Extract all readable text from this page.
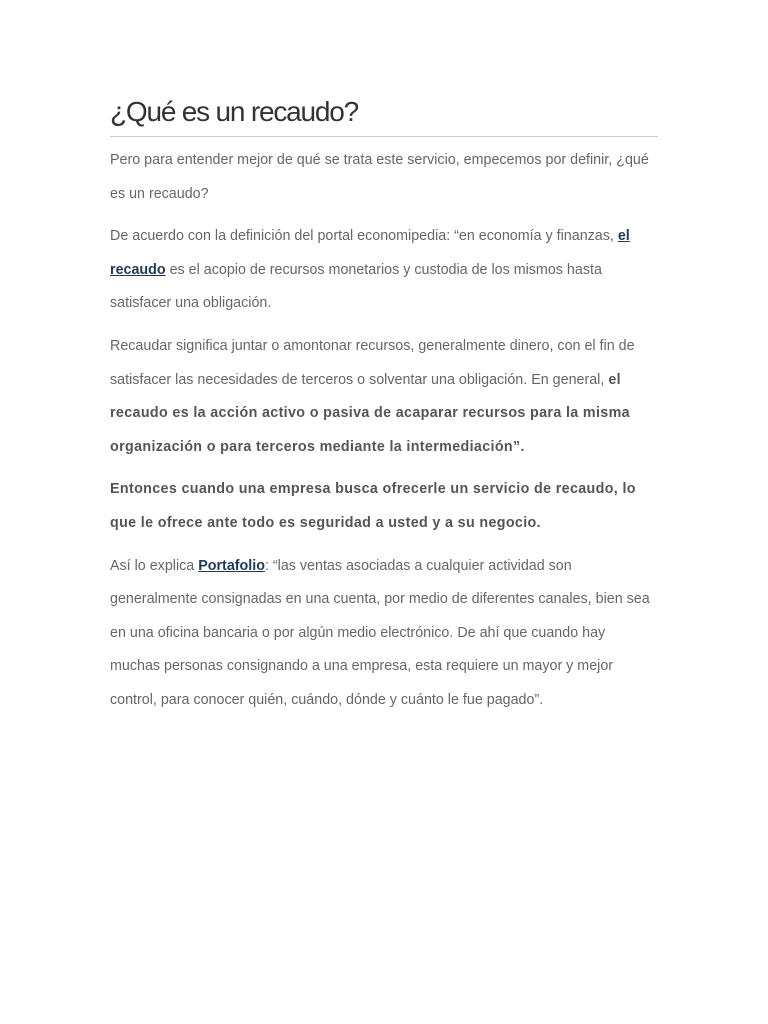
¿Qué es un recaudo?

Pero para entender mejor de qué se trata este servicio, empecemos por definir, ¿qué es un recaudo?

De acuerdo con la definición del portal economipedia: “en economía y finanzas, el recaudo es el acopio de recursos monetarios y custodia de los mismos hasta satisfacer una obligación.

Recaudar significa juntar o amontonar recursos, generalmente dinero, con el fin de satisfacer las necesidades de terceros o solventar una obligación. En general, el recaudo es la acción activo o pasiva de acaparar recursos para la misma organización o para terceros mediante la intermediación”.

Entonces cuando una empresa busca ofrecerle un servicio de recaudo, lo que le ofrece ante todo es seguridad a usted y a su negocio.

Así lo explica Portafolio: “las ventas asociadas a cualquier actividad son generalmente consignadas en una cuenta, por medio de diferentes canales, bien sea en una oficina bancaria o por algún medio electrónico. De ahí que cuando hay muchas personas consignando a una empresa, esta requiere un mayor y mejor control, para conocer quién, cuándo, dónde y cuánto le fue pagado”.
